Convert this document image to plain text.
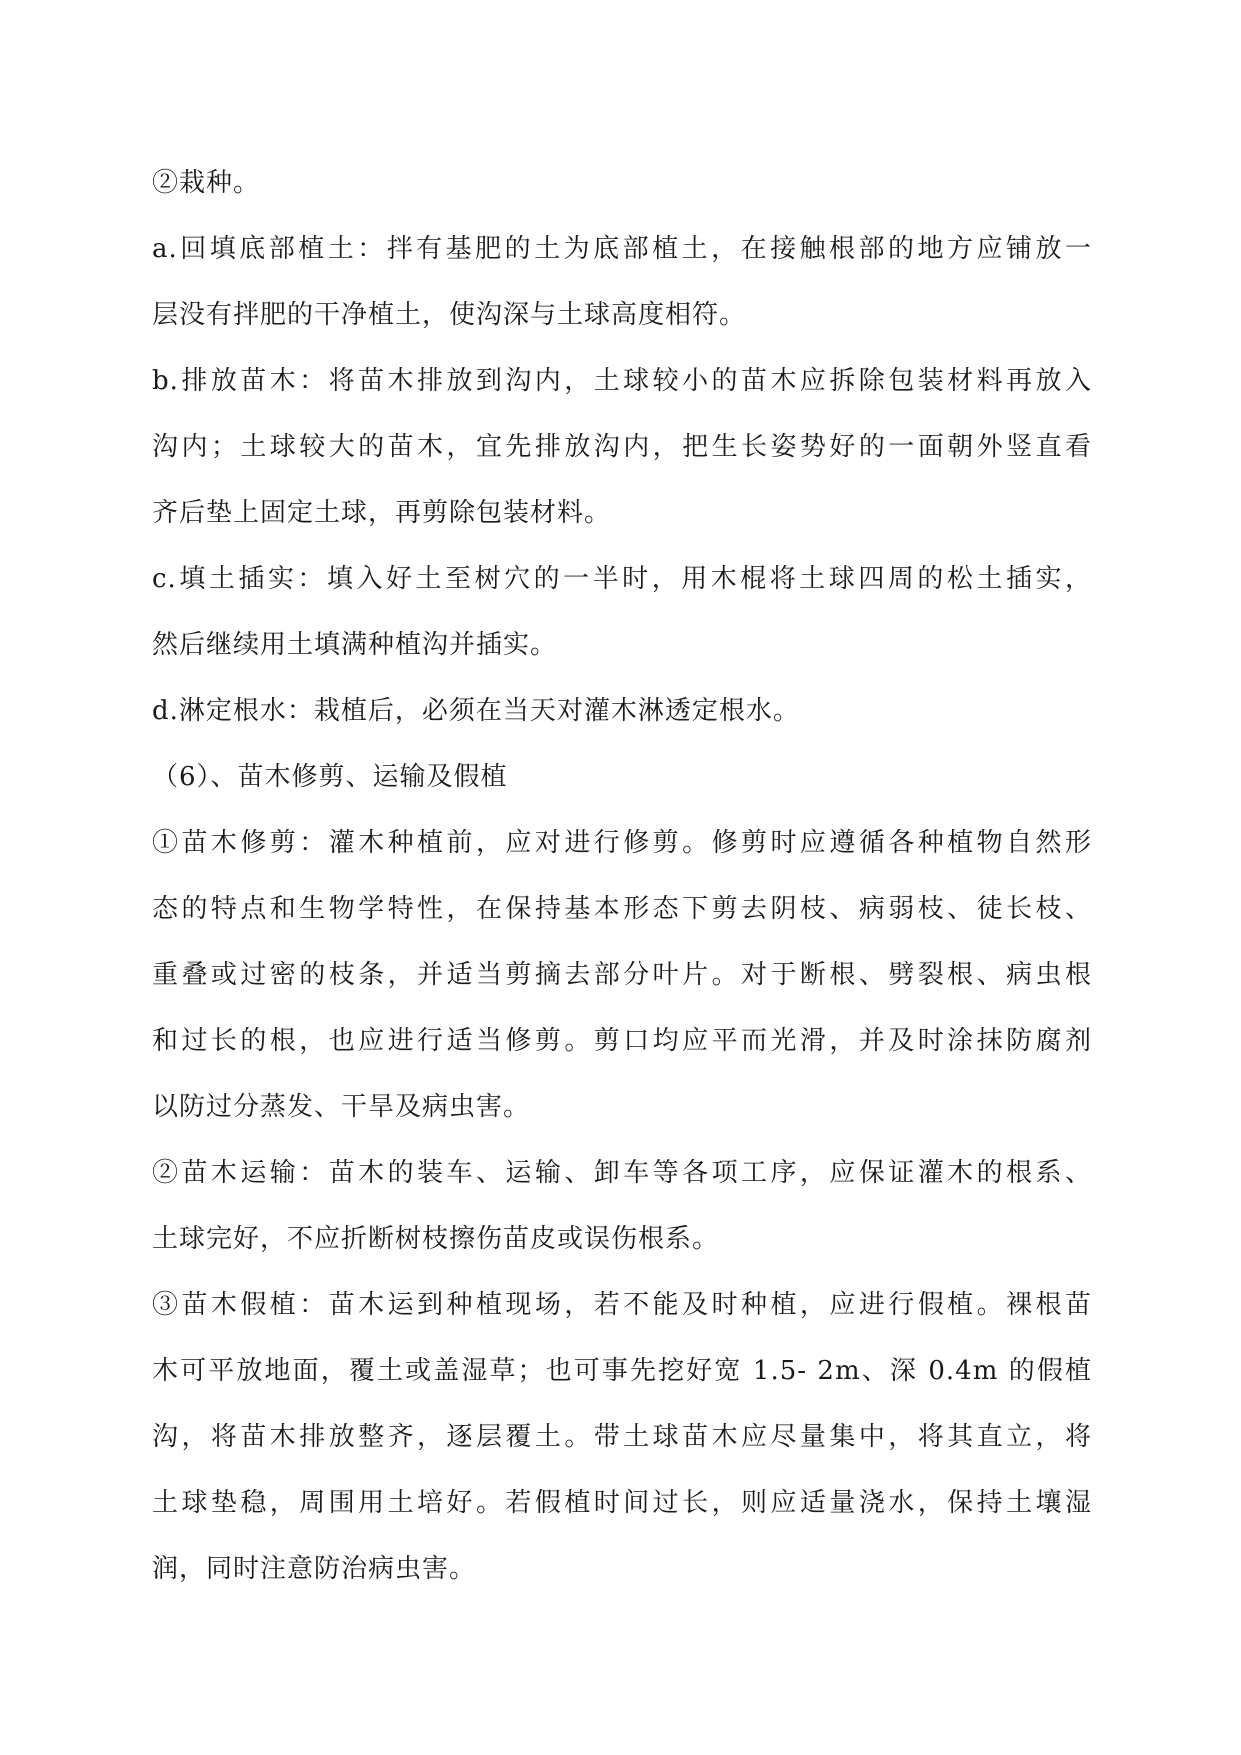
②栽种。
a.回填底部植土：拌有基肥的土为底部植土，在接触根部的地方应铺放一
层没有拌肥的干净植土，使沟深与土球高度相符。
b.排放苗木：将苗木排放到沟内，土球较小的苗木应拆除包装材料再放入
沟内；土球较大的苗木，宜先排放沟内，把生长姿势好的一面朝外竖直看
齐后垫上固定土球，再剪除包装材料。
c.填土插实：填入好土至树穴的一半时，用木棍将土球四周的松土插实，
然后继续用土填满种植沟并插实。
d.淋定根水：栽植后，必须在当天对灌木淋透定根水。
（6）、苗木修剪、运输及假植
①苗木修剪：灌木种植前，应对进行修剪。修剪时应遵循各种植物自然形
态的特点和生物学特性，在保持基本形态下剪去阴枝、病弱枝、徒长枝、
重叠或过密的枝条，并适当剪摘去部分叶片。对于断根、劈裂根、病虫根
和过长的根，也应进行适当修剪。剪口均应平而光滑，并及时涂抹防腐剂
以防过分蒸发、干旱及病虫害。
②苗木运输：苗木的装车、运输、卸车等各项工序，应保证灌木的根系、
土球完好，不应折断树枝擦伤苗皮或误伤根系。
③苗木假植：苗木运到种植现场，若不能及时种植，应进行假植。裸根苗
木可平放地面，覆土或盖湿草；也可事先挖好宽 1.5- 2m、深 0.4m 的假植
沟，将苗木排放整齐，逐层覆土。带土球苗木应尽量集中，将其直立，将
土球垫稳，周围用土培好。若假植时间过长，则应适量浇水，保持土壤湿
润，同时注意防治病虫害。
